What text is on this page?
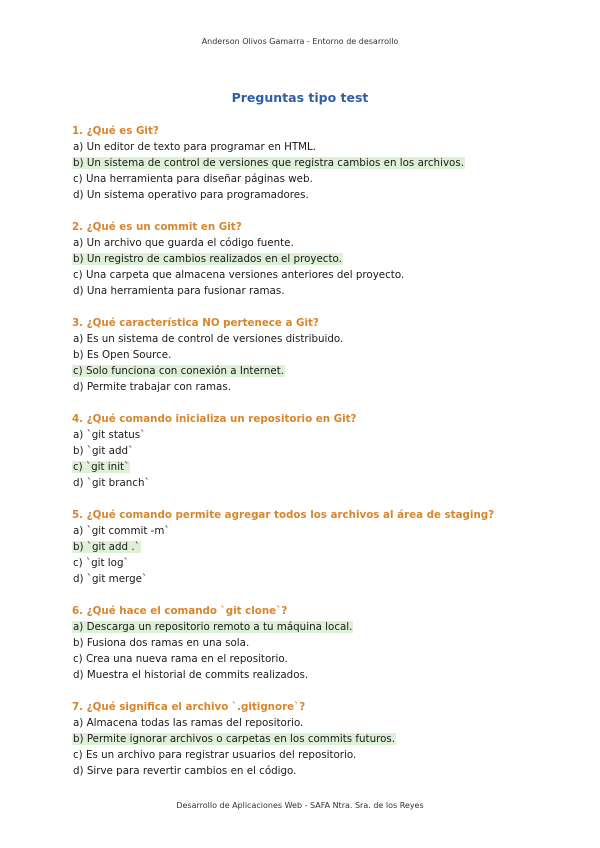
Anderson Olivos Gamarra - Entorno de desarrollo
Preguntas tipo test
1. ¿Qué es Git?
a) Un editor de texto para programar en HTML.
b) Un sistema de control de versiones que registra cambios en los archivos.
c) Una herramienta para diseñar páginas web.
d) Un sistema operativo para programadores.
2. ¿Qué es un commit en Git?
a) Un archivo que guarda el código fuente.
b) Un registro de cambios realizados en el proyecto.
c) Una carpeta que almacena versiones anteriores del proyecto.
d) Una herramienta para fusionar ramas.
3. ¿Qué característica NO pertenece a Git?
a) Es un sistema de control de versiones distribuido.
b) Es Open Source.
c) Solo funciona con conexión a Internet.
d) Permite trabajar con ramas.
4. ¿Qué comando inicializa un repositorio en Git?
a) `git status`
b) `git add`
c) `git init`
d) `git branch`
5. ¿Qué comando permite agregar todos los archivos al área de staging?
a) `git commit -m`
b) `git add .`
c) `git log`
d) `git merge`
6. ¿Qué hace el comando `git clone`?
a) Descarga un repositorio remoto a tu máquina local.
b) Fusiona dos ramas en una sola.
c) Crea una nueva rama en el repositorio.
d) Muestra el historial de commits realizados.
7. ¿Qué significa el archivo `.gitignore`?
a) Almacena todas las ramas del repositorio.
b) Permite ignorar archivos o carpetas en los commits futuros.
c) Es un archivo para registrar usuarios del repositorio.
d) Sirve para revertir cambios en el código.
Desarrollo de Aplicaciones Web - SAFA Ntra. Sra. de los Reyes
